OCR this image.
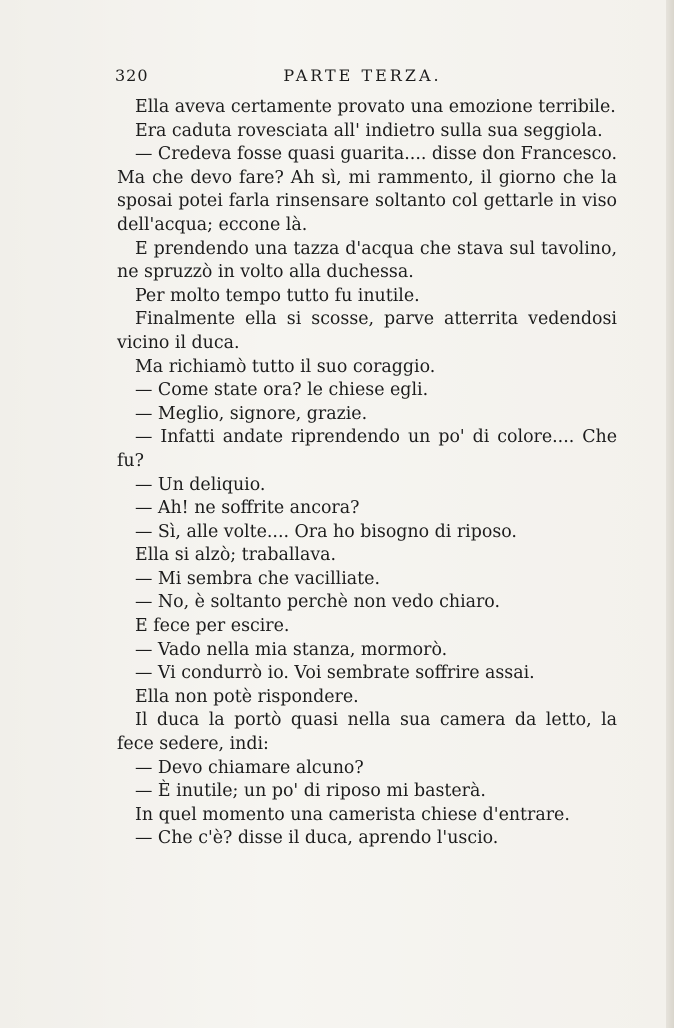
320	PARTE TERZA.

Ella aveva certamente provato una emozione terribile.

Era caduta rovesciata all' indietro sulla sua seggiola.

— Credeva fosse quasi guarita.... disse don Francesco. Ma che devo fare? Ah sì, mi rammento, il giorno che la sposai potei farla rinsensare soltanto col gettarle in viso dell'acqua; eccone là.

E prendendo una tazza d'acqua che stava sul tavolino, ne spruzzò in volto alla duchessa.

Per molto tempo tutto fu inutile.

Finalmente ella si scosse, parve atterrita vedendosi vicino il duca.

Ma richiamò tutto il suo coraggio.

— Come state ora? le chiese egli.

— Meglio, signore, grazie.

— Infatti andate riprendendo un po' di colore.... Che fu?

— Un deliquio.

— Ah! ne soffrite ancora?

— Sì, alle volte.... Ora ho bisogno di riposo.

Ella si alzò; traballava.

— Mi sembra che vacilliate.

— No, è soltanto perchè non vedo chiaro.

E fece per escire.

— Vado nella mia stanza, mormorò.

— Vi condurrò io. Voi sembrate soffrire assai.

Ella non potè rispondere.

Il duca la portò quasi nella sua camera da letto, la fece sedere, indi:

— Devo chiamare alcuno?

— È inutile; un po' di riposo mi basterà.

In quel momento una camerista chiese d'entrare.

— Che c'è? disse il duca, aprendo l'uscio.
